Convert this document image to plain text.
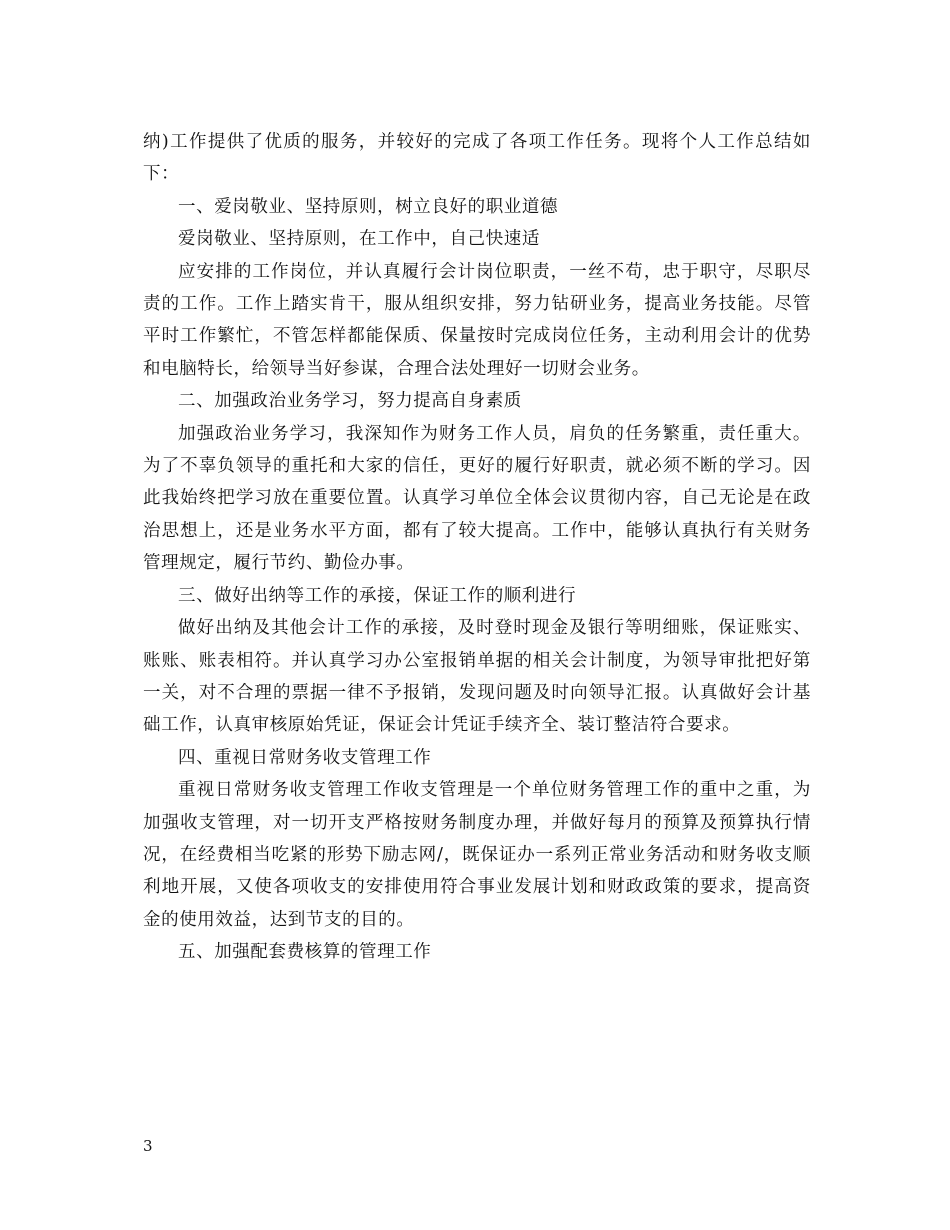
纳)工作提供了优质的服务，并较好的完成了各项工作任务。现将个人工作总结如下：

一、爱岗敬业、坚持原则，树立良好的职业道德

爱岗敬业、坚持原则，在工作中，自己快速适

应安排的工作岗位，并认真履行会计岗位职责，一丝不苟，忠于职守，尽职尽责的工作。工作上踏实肯干，服从组织安排，努力钻研业务，提高业务技能。尽管平时工作繁忙，不管怎样都能保质、保量按时完成岗位任务，主动利用会计的优势和电脑特长，给领导当好参谋，合理合法处理好一切财会业务。

二、加强政治业务学习，努力提高自身素质

加强政治业务学习，我深知作为财务工作人员，肩负的任务繁重，责任重大。为了不辜负领导的重托和大家的信任，更好的履行好职责，就必须不断的学习。因此我始终把学习放在重要位置。认真学习单位全体会议贯彻内容，自己无论是在政治思想上，还是业务水平方面，都有了较大提高。工作中，能够认真执行有关财务管理规定，履行节约、勤俭办事。

三、做好出纳等工作的承接，保证工作的顺利进行

做好出纳及其他会计工作的承接，及时登时现金及银行等明细账，保证账实、账账、账表相符。并认真学习办公室报销单据的相关会计制度，为领导审批把好第一关，对不合理的票据一律不予报销，发现问题及时向领导汇报。认真做好会计基础工作，认真审核原始凭证，保证会计凭证手续齐全、装订整洁符合要求。

四、重视日常财务收支管理工作

重视日常财务收支管理工作收支管理是一个单位财务管理工作的重中之重，为加强收支管理，对一切开支严格按财务制度办理，并做好每月的预算及预算执行情况，在经费相当吃紧的形势下励志网/，既保证办一系列正常业务活动和财务收支顺利地开展，又使各项收支的安排使用符合事业发展计划和财政政策的要求，提高资金的使用效益，达到节支的目的。

五、加强配套费核算的管理工作

3
